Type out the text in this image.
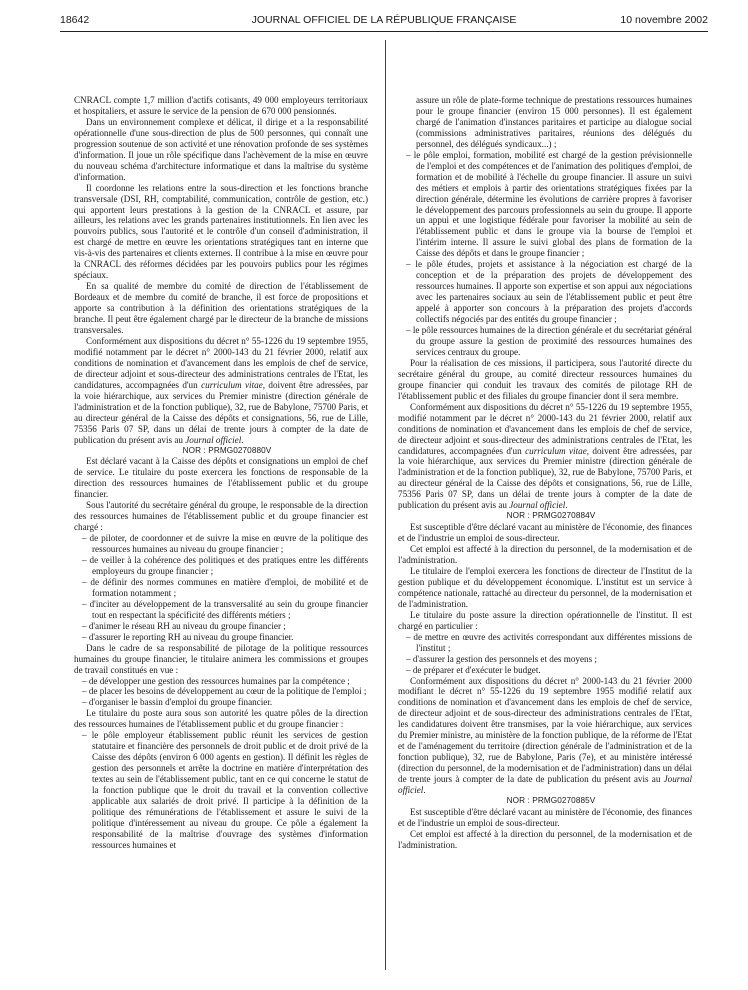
18642	JOURNAL OFFICIEL DE LA RÉPUBLIQUE FRANÇAISE	10 novembre 2002

CNRACL compte 1,7 million d'actifs cotisants, 49 000 employeurs territoriaux et hospitaliers, et assure le service de la pension de 670 000 pensionnés.

Dans un environnement complexe et délicat, il dirige et a la responsabilité opérationnelle d'une sous-direction de plus de 500 personnes, qui connaît une progression soutenue de son activité et une rénovation profonde de ses systèmes d'information. Il joue un rôle spécifique dans l'achèvement de la mise en œuvre du nouveau schéma d'architecture informatique et dans la maîtrise du système d'information.

Il coordonne les relations entre la sous-direction et les fonctions branche transversale (DSI, RH, comptabilité, communication, contrôle de gestion, etc.) qui apportent leurs prestations à la gestion de la CNRACL et assure, par ailleurs, les relations avec les grands partenaires institutionnels. En lien avec les pouvoirs publics, sous l'autorité et le contrôle d'un conseil d'administration, il est chargé de mettre en œuvre les orientations stratégiques tant en interne que vis-à-vis des partenaires et clients externes. Il contribue à la mise en œuvre pour la CNRACL des réformes décidées par les pouvoirs publics pour les régimes spéciaux.

En sa qualité de membre du comité de direction de l'établissement de Bordeaux et de membre du comité de branche, il est force de propositions et apporte sa contribution à la définition des orientations stratégiques de la branche. Il peut être également chargé par le directeur de la branche de missions transversales.

Conformément aux dispositions du décret n° 55-1226 du 19 septembre 1955, modifié notamment par le décret n° 2000-143 du 21 février 2000, relatif aux conditions de nomination et d'avancement dans les emplois de chef de service, de directeur adjoint et sous-directeur des administrations centrales de l'Etat, les candidatures, accompagnées d'un curriculum vitae, doivent être adressées, par la voie hiérarchique, aux services du Premier ministre (direction générale de l'administration et de la fonction publique), 32, rue de Babylone, 75700 Paris, et au directeur général de la Caisse des dépôts et consignations, 56, rue de Lille, 75356 Paris 07 SP, dans un délai de trente jours à compter de la date de publication du présent avis au Journal officiel.

NOR : PRMG0270880V

Est déclaré vacant à la Caisse des dépôts et consignations un emploi de chef de service. Le titulaire du poste exercera les fonctions de responsable de la direction des ressources humaines de l'établissement public et du groupe financier.

Sous l'autorité du secrétaire général du groupe, le responsable de la direction des ressources humaines de l'établissement public et du groupe financier est chargé :

– de piloter, de coordonner et de suivre la mise en œuvre de la politique des ressources humaines au niveau du groupe financier ;
– de veiller à la cohérence des politiques et des pratiques entre les différents employeurs du groupe financier ;
– de définir des normes communes en matière d'emploi, de mobilité et de formation notamment ;
– d'inciter au développement de la transversalité au sein du groupe financier tout en respectant la spécificité des différents métiers ;
– d'animer le réseau RH au niveau du groupe financier ;
– d'assurer le reporting RH au niveau du groupe financier.

Dans le cadre de sa responsabilité de pilotage de la politique ressources humaines du groupe financier, le titulaire animera les commissions et groupes de travail constitués en vue :

– de développer une gestion des ressources humaines par la compétence ;
– de placer les besoins de développement au cœur de la politique de l'emploi ;
– d'organiser le bassin d'emploi du groupe financier.

Le titulaire du poste aura sous son autorité les quatre pôles de la direction des ressources humaines de l'établissement public et du groupe financier :

– le pôle employeur établissement public réunit les services de gestion statutaire et financière des personnels de droit public et de droit privé de la Caisse des dépôts (environ 6 000 agents en gestion). Il définit les règles de gestion des personnels et arrête la doctrine en matière d'interprétation des textes au sein de l'établissement public, tant en ce qui concerne le statut de la fonction publique que le droit du travail et la convention collective applicable aux salariés de droit privé. Il participe à la définition de la politique des rémunérations de l'établissement et assure le suivi de la politique d'intéressement au niveau du groupe. Ce pôle a également la responsabilité de la maîtrise d'ouvrage des systèmes d'information ressources humaines et

assure un rôle de plate-forme technique de prestations ressources humaines pour le groupe financier (environ 15 000 personnes). Il est également chargé de l'animation d'instances paritaires et participe au dialogue social (commissions administratives paritaires, réunions des délégués du personnel, des délégués syndicaux...) ;

– le pôle emploi, formation, mobilité est chargé de la gestion prévisionnelle de l'emploi et des compétences et de l'animation des politiques d'emploi, de formation et de mobilité à l'échelle du groupe financier. Il assure un suivi des métiers et emplois à partir des orientations stratégiques fixées par la direction générale, détermine les évolutions de carrière propres à favoriser le développement des parcours professionnels au sein du groupe. Il apporte un appui et une logistique fédérale pour favoriser la mobilité au sein de l'établissement public et dans le groupe via la bourse de l'emploi et l'intérim interne. Il assure le suivi global des plans de formation de la Caisse des dépôts et dans le groupe financier ;
– le pôle études, projets et assistance à la négociation est chargé de la conception et de la préparation des projets de développement des ressources humaines. Il apporte son expertise et son appui aux négociations avec les partenaires sociaux au sein de l'établissement public et peut être appelé à apporter son concours à la préparation des projets d'accords collectifs négociés par des entités du groupe financier ;
– le pôle ressources humaines de la direction générale et du secrétariat général du groupe assure la gestion de proximité des ressources humaines des services centraux du groupe.

Pour la réalisation de ces missions, il participera, sous l'autorité directe du secrétaire général du groupe, au comité directeur ressources humaines du groupe financier qui conduit les travaux des comités de pilotage RH de l'établissement public et des filiales du groupe financier dont il sera membre.

Conformément aux dispositions du décret n° 55-1226 du 19 septembre 1955, modifié notamment par le décret n° 2000-143 du 21 février 2000, relatif aux conditions de nomination et d'avancement dans les emplois de chef de service, de directeur adjoint et sous-directeur des administrations centrales de l'Etat, les candidatures, accompagnées d'un curriculum vitae, doivent être adressées, par la voie hiérarchique, aux services du Premier ministre (direction générale de l'administration et de la fonction publique), 32, rue de Babylone, 75700 Paris, et au directeur général de la Caisse des dépôts et consignations, 56, rue de Lille, 75356 Paris 07 SP, dans un délai de trente jours à compter de la date de publication du présent avis au Journal officiel.

NOR : PRMG0270884V

Est susceptible d'être déclaré vacant au ministère de l'économie, des finances et de l'industrie un emploi de sous-directeur.

Cet emploi est affecté à la direction du personnel, de la modernisation et de l'administration.

Le titulaire de l'emploi exercera les fonctions de directeur de l'Institut de la gestion publique et du développement économique. L'institut est un service à compétence nationale, rattaché au directeur du personnel, de la modernisation et de l'administration.

Le titulaire du poste assure la direction opérationnelle de l'institut. Il est chargé en particulier :

– de mettre en œuvre des activités correspondant aux différentes missions de l'institut ;
– d'assurer la gestion des personnels et des moyens ;
– de préparer et d'exécuter le budget.

Conformément aux dispositions du décret n° 2000-143 du 21 février 2000 modifiant le décret n° 55-1226 du 19 septembre 1955 modifié relatif aux conditions de nomination et d'avancement dans les emplois de chef de service, de directeur adjoint et de sous-directeur des administrations centrales de l'Etat, les candidatures doivent être transmises, par la voie hiérarchique, aux services du Premier ministre, au ministère de la fonction publique, de la réforme de l'Etat et de l'aménagement du territoire (direction générale de l'administration et de la fonction publique), 32, rue de Babylone, Paris (7e), et au ministère intéressé (direction du personnel, de la modernisation et de l'administration) dans un délai de trente jours à compter de la date de publication du présent avis au Journal officiel.

NOR : PRMG0270885V

Est susceptible d'être déclaré vacant au ministère de l'économie, des finances et de l'industrie un emploi de sous-directeur.

Cet emploi est affecté à la direction du personnel, de la modernisation et de l'administration.
